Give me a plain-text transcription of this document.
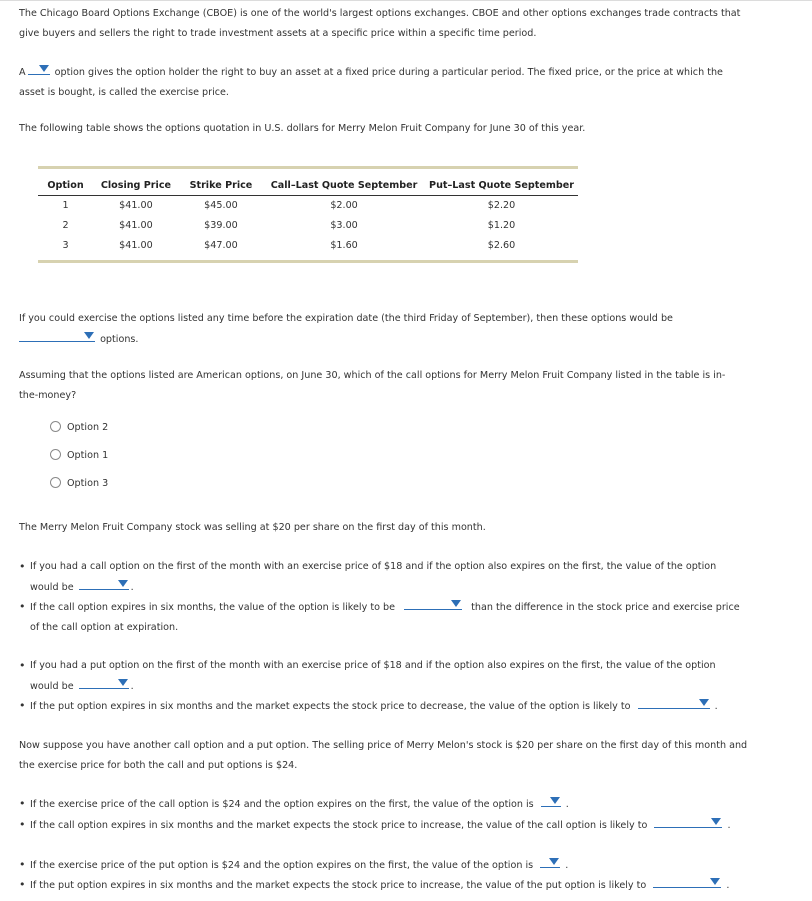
The Chicago Board Options Exchange (CBOE) is one of the world's largest options exchanges. CBOE and other options exchanges trade contracts that
give buyers and sellers the right to trade investment assets at a specific price within a specific time period.

A	option gives the option holder the right to buy an asset at a fixed price during a particular period. The fixed price, or the price at which the
asset is bought, is called the exercise price.

The following table shows the options quotation in U.S. dollars for Merry Melon Fruit Company for June 30 of this year.

Option	Closing Price	Strike Price	Call–Last Quote September	Put–Last Quote September
1	$41.00	$45.00	$2.00	$2.20
2	$41.00	$39.00	$3.00	$1.20
3	$41.00	$47.00	$1.60	$2.60

If you could exercise the options listed any time before the expiration date (the third Friday of September), then these options would be

options.

Assuming that the options listed are American options, on June 30, which of the call options for Merry Melon Fruit Company listed in the table is in-
the-money?

Option 2
Option 1
Option 3

The Merry Melon Fruit Company stock was selling at $20 per share on the first day of this month.

• If you had a call option on the first of the month with an exercise price of $18 and if the option also expires on the first, the value of the option
would be	.
• If the call option expires in six months, the value of the option is likely to be	than the difference in the stock price and exercise price
of the call option at expiration.
• If you had a put option on the first of the month with an exercise price of $18 and if the option also expires on the first, the value of the option
would be	.
• If the put option expires in six months and the market expects the stock price to decrease, the value of the option is likely to	.

Now suppose you have another call option and a put option. The selling price of Merry Melon's stock is $20 per share on the first day of this month and
the exercise price for both the call and put options is $24.

• If the exercise price of the call option is $24 and the option expires on the first, the value of the option is	.
• If the call option expires in six months and the market expects the stock price to increase, the value of the call option is likely to	.
• If the exercise price of the put option is $24 and the option expires on the first, the value of the option is	.
• If the put option expires in six months and the market expects the stock price to increase, the value of the put option is likely to	.
